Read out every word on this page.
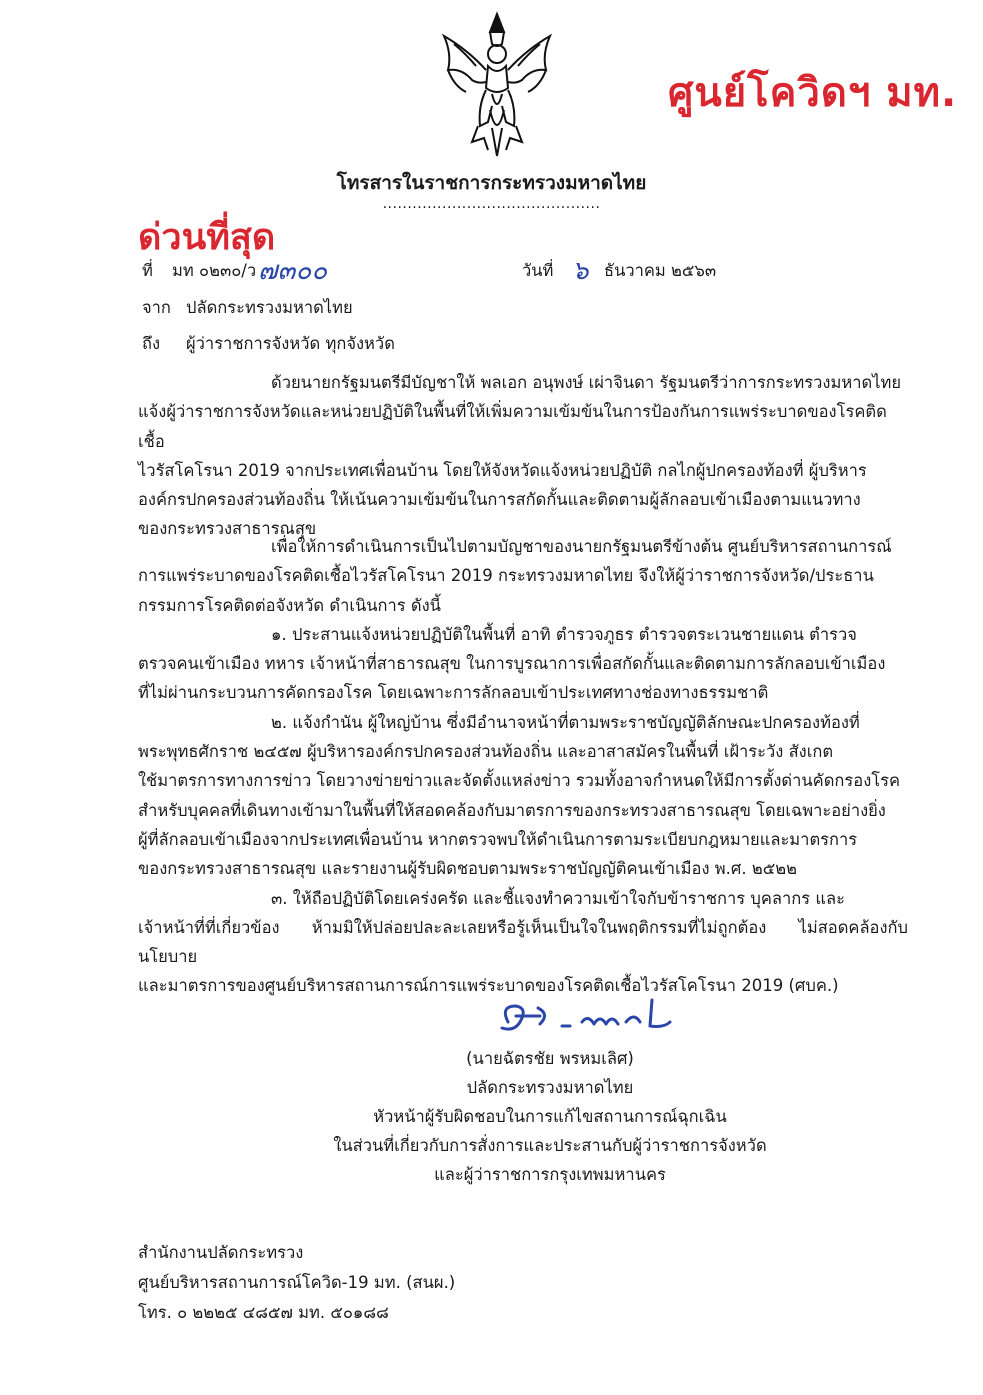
ศูนย์โควิดฯ มท.
โทรสารในราชการกระทรวงมหาดไทย
............................................
ด่วนที่สุด
ที่ มท ๐๒๓๐/ว ๗๓๐๐	วันที่ ๖ ธันวาคม ๒๕๖๓
จาก ปลัดกระทรวงมหาดไทย
ถึง ผู้ว่าราชการจังหวัด ทุกจังหวัด
ด้วยนายกรัฐมนตรีมีบัญชาให้ พลเอก อนุพงษ์ เผ่าจินดา รัฐมนตรีว่าการกระทรวงมหาดไทย
แจ้งผู้ว่าราชการจังหวัดและหน่วยปฏิบัติในพื้นที่ให้เพิ่มความเข้มข้นในการป้องกันการแพร่ระบาดของโรคติดเชื้อ
ไวรัสโคโรนา 2019 จากประเทศเพื่อนบ้าน โดยให้จังหวัดแจ้งหน่วยปฏิบัติ กลไกผู้ปกครองท้องที่ ผู้บริหาร
องค์กรปกครองส่วนท้องถิ่น ให้เน้นความเข้มข้นในการสกัดกั้นและติดตามผู้ลักลอบเข้าเมืองตามแนวทาง
ของกระทรวงสาธารณสุข
เพื่อให้การดำเนินการเป็นไปตามบัญชาของนายกรัฐมนตรีข้างต้น ศูนย์บริหารสถานการณ์
การแพร่ระบาดของโรคติดเชื้อไวรัสโคโรนา 2019 กระทรวงมหาดไทย จึงให้ผู้ว่าราชการจังหวัด/ประธาน
กรรมการโรคติดต่อจังหวัด ดำเนินการ ดังนี้
๑. ประสานแจ้งหน่วยปฏิบัติในพื้นที่ อาทิ ตำรวจภูธร ตำรวจตระเวนชายแดน ตำรวจ
ตรวจคนเข้าเมือง ทหาร เจ้าหน้าที่สาธารณสุข ในการบูรณาการเพื่อสกัดกั้นและติดตามการลักลอบเข้าเมือง
ที่ไม่ผ่านกระบวนการคัดกรองโรค โดยเฉพาะการลักลอบเข้าประเทศทางช่องทางธรรมชาติ
๒. แจ้งกำนัน ผู้ใหญ่บ้าน ซึ่งมีอำนาจหน้าที่ตามพระราชบัญญัติลักษณะปกครองท้องที่
พระพุทธศักราช ๒๔๕๗ ผู้บริหารองค์กรปกครองส่วนท้องถิ่น และอาสาสมัครในพื้นที่ เฝ้าระวัง สังเกต
ใช้มาตรการทางการข่าว โดยวางข่ายข่าวและจัดตั้งแหล่งข่าว รวมทั้งอาจกำหนดให้มีการตั้งด่านคัดกรองโรค
สำหรับบุคคลที่เดินทางเข้ามาในพื้นที่ให้สอดคล้องกับมาตรการของกระทรวงสาธารณสุข โดยเฉพาะอย่างยิ่ง
ผู้ที่ลักลอบเข้าเมืองจากประเทศเพื่อนบ้าน หากตรวจพบให้ดำเนินการตามระเบียบกฎหมายและมาตรการ
ของกระทรวงสาธารณสุข และรายงานผู้รับผิดชอบตามพระราชบัญญัติคนเข้าเมือง พ.ศ. ๒๕๒๒
๓. ให้ถือปฏิบัติโดยเคร่งครัด และชี้แจงทำความเข้าใจกับข้าราชการ บุคลากร และ
เจ้าหน้าที่ที่เกี่ยวข้อง ห้ามมิให้ปล่อยปละละเลยหรือรู้เห็นเป็นใจในพฤติกรรมที่ไม่ถูกต้อง ไม่สอดคล้องกับนโยบาย
และมาตรการของศูนย์บริหารสถานการณ์การแพร่ระบาดของโรคติดเชื้อไวรัสโคโรนา 2019 (ศบค.)
(นายฉัตรชัย พรหมเลิศ)
ปลัดกระทรวงมหาดไทย
หัวหน้าผู้รับผิดชอบในการแก้ไขสถานการณ์ฉุกเฉิน
ในส่วนที่เกี่ยวกับการสั่งการและประสานกับผู้ว่าราชการจังหวัด
และผู้ว่าราชการกรุงเทพมหานคร
สำนักงานปลัดกระทรวง
ศูนย์บริหารสถานการณ์โควิด-19 มท. (สนผ.)
โทร. ๐ ๒๒๒๕ ๔๘๕๗ มท. ๕๐๑๘๘
